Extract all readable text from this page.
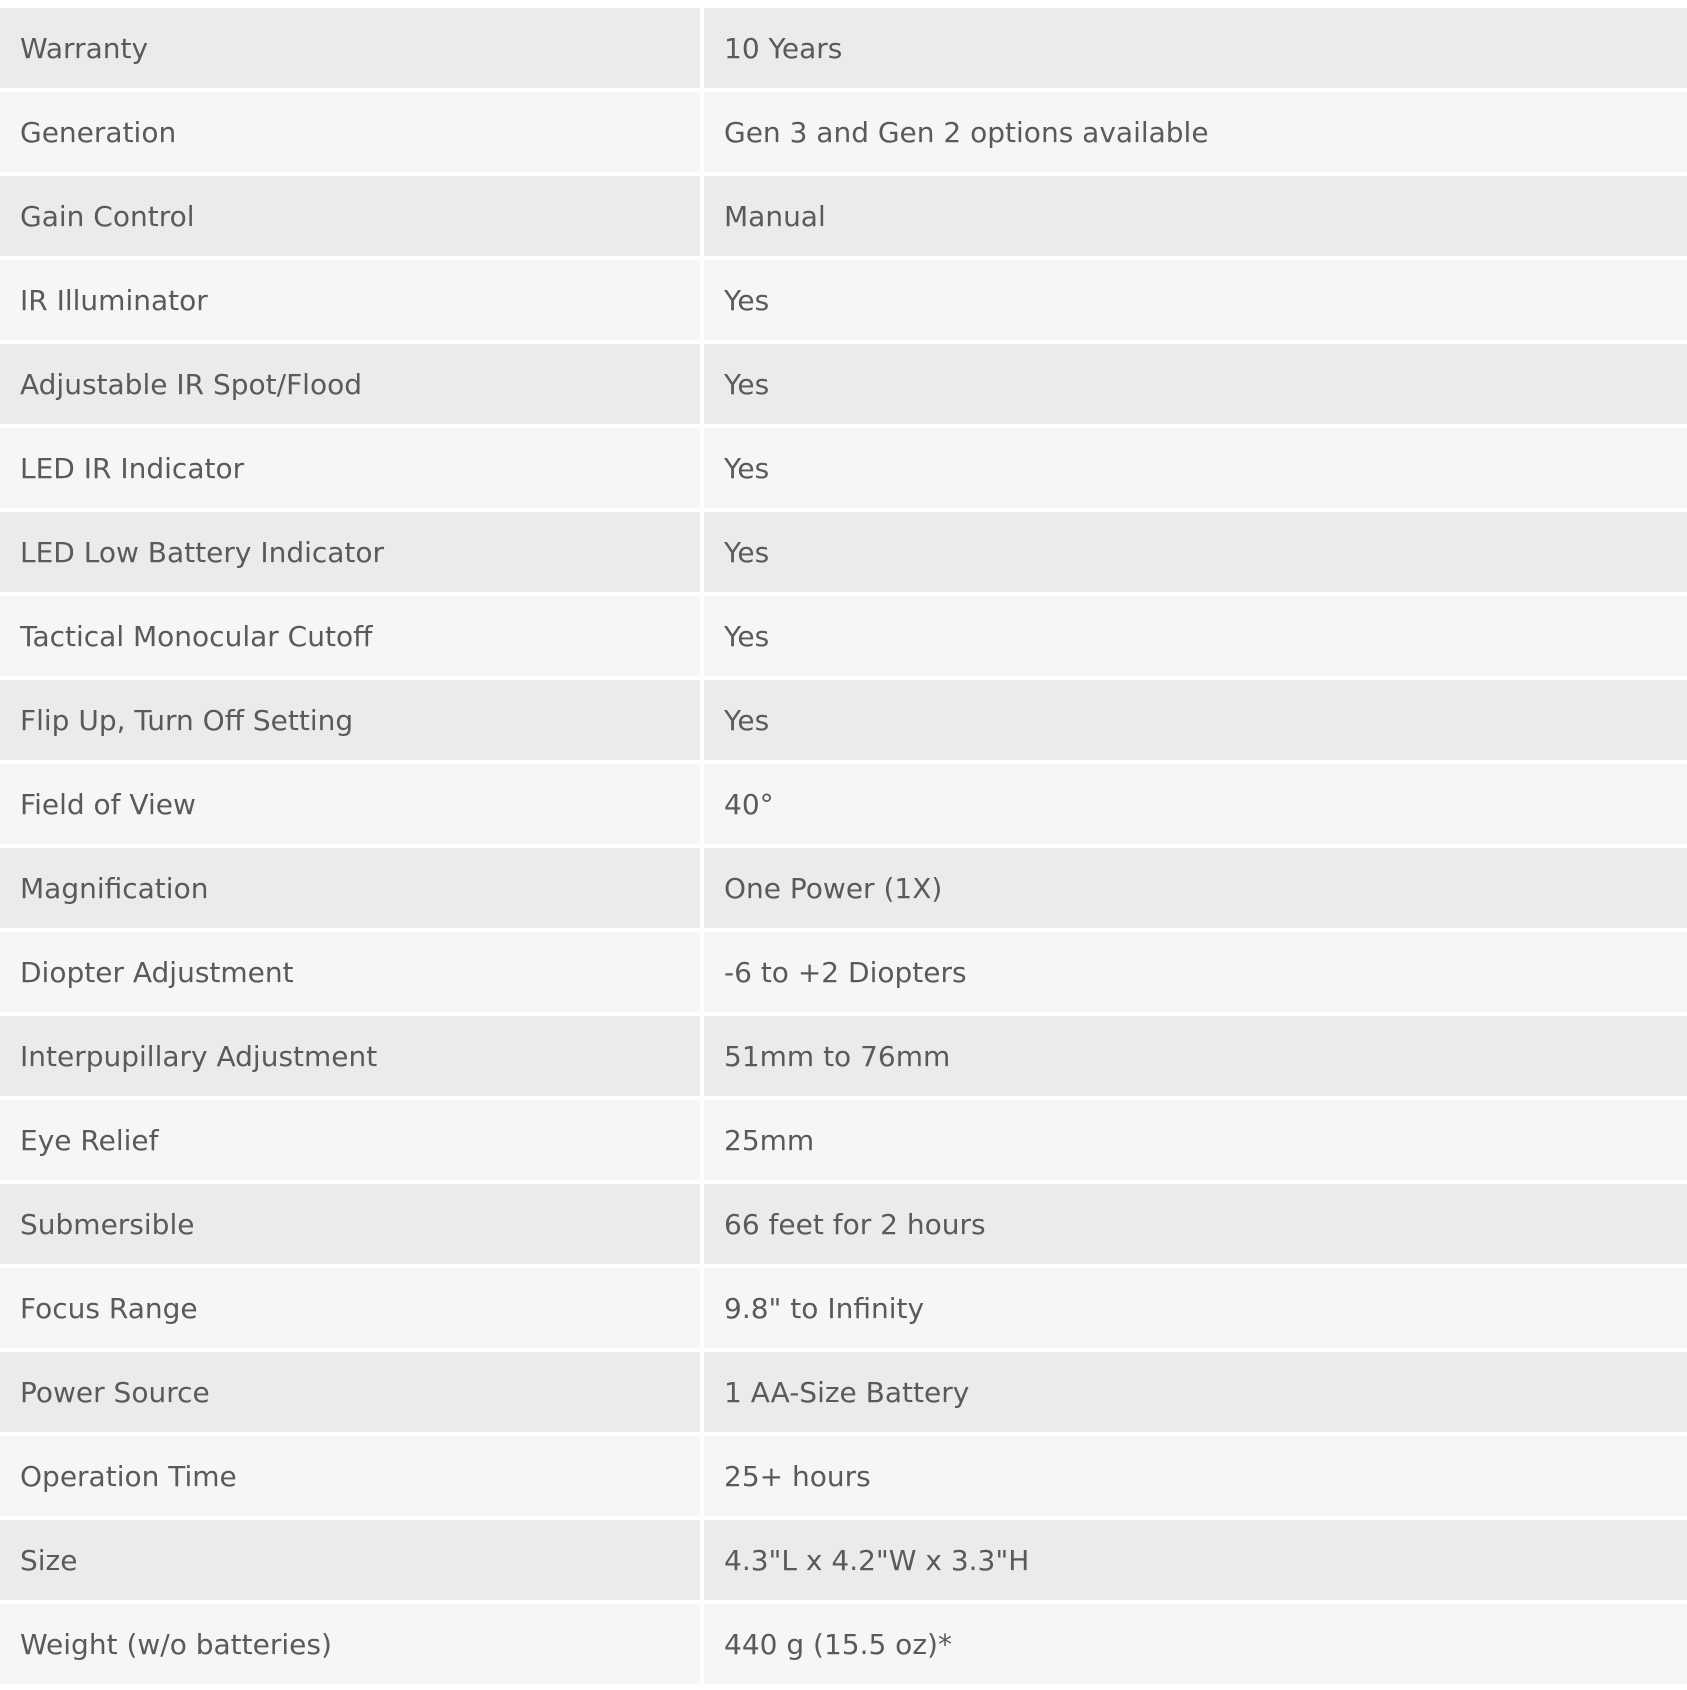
Warranty	10 Years
Generation	Gen 3 and Gen 2 options available
Gain Control	Manual
IR Illuminator	Yes
Adjustable IR Spot/Flood	Yes
LED IR Indicator	Yes
LED Low Battery Indicator	Yes
Tactical Monocular Cutoff	Yes
Flip Up, Turn Off Setting	Yes
Field of View	40°
Magnification	One Power (1X)
Diopter Adjustment	-6 to +2 Diopters
Interpupillary Adjustment	51mm to 76mm
Eye Relief	25mm
Submersible	66 feet for 2 hours
Focus Range	9.8" to Infinity
Power Source	1 AA-Size Battery
Operation Time	25+ hours
Size	4.3"L x 4.2"W x 3.3"H
Weight (w/o batteries)	440 g (15.5 oz)*
